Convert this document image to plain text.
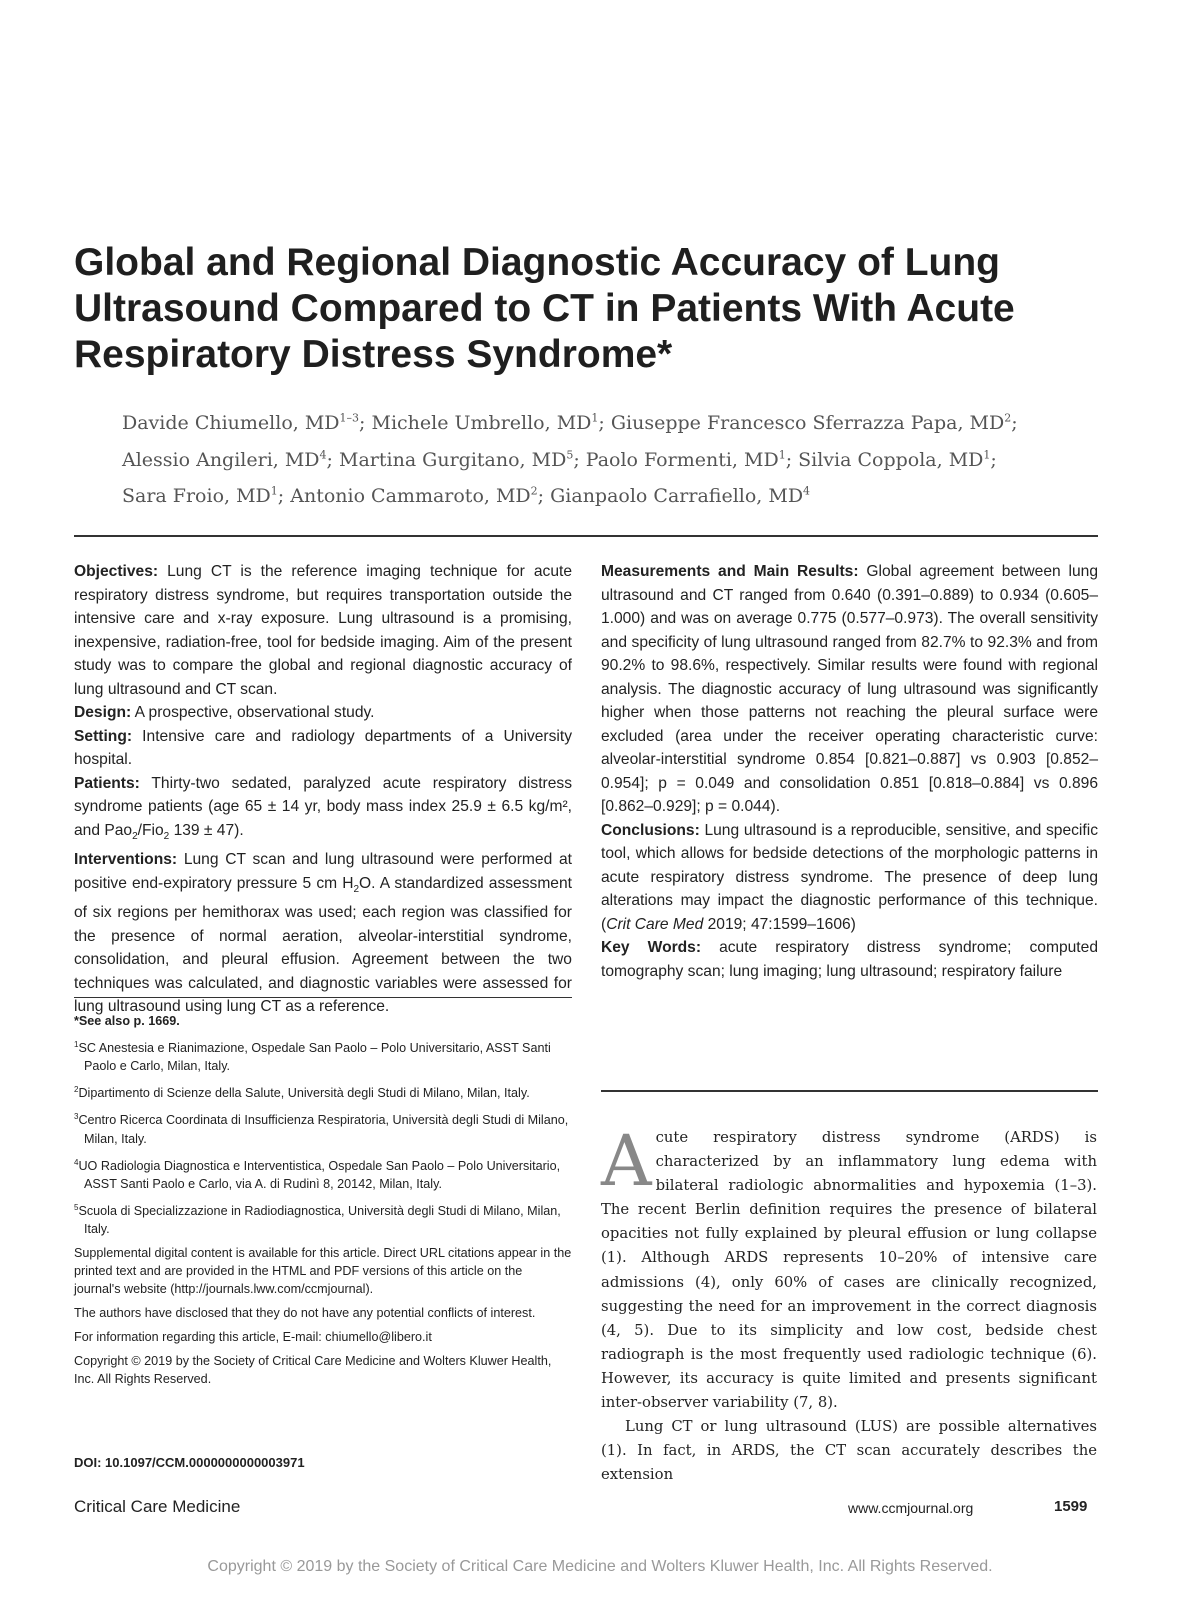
Global and Regional Diagnostic Accuracy of Lung Ultrasound Compared to CT in Patients With Acute Respiratory Distress Syndrome*
Davide Chiumello, MD$^{1-3}$; Michele Umbrello, $MD^1$; Giuseppe Francesco Sferrazza Papa, $MD^2$;
Alessio Angileri, $MD^4$; Martina Gurgitano, $MD^5$; Paolo Formenti, $MD^1$; Silvia Coppola, $MD^1$;
Sara Froio, $MD^1$; Antonio Cammaroto, $MD^2$; Gianpaolo Carrafiello, $MD^4$

Objectives: Lung CT is the reference imaging technique for acute respiratory distress syndrome, but requires transportation outside the intensive care and x-ray exposure. Lung ultrasound is a promising, inexpensive, radiation-free, tool for bedside imaging. Aim of the present study was to compare the global and regional diagnostic accuracy of lung ultrasound and CT scan.

Design: A prospective, observational study.

Setting: Intensive care and radiology departments of a University hospital.

Patients: Thirty-two sedated, paralyzed acute respiratory distress syndrome patients (age 65 ± 14 yr, body mass index 25.9 ± 6.5 kg/m², and Pao$_2$/Fio$_2$ 139 ± 47).

Interventions: Lung CT scan and lung ultrasound were performed at positive end-expiratory pressure 5 cm $H_2O$. A standardized assessment of six regions per hemithorax was used; each region was classified for the presence of normal aeration, alveolar-interstitial syndrome, consolidation, and pleural effusion. Agreement between the two techniques was calculated, and diagnostic variables were assessed for lung ultrasound using lung CT as a reference.

Measurements and Main Results: Global agreement between lung ultrasound and CT ranged from 0.640 (0.391–0.889) to 0.934 (0.605–1.000) and was on average 0.775 (0.577–0.973). The overall sensitivity and specificity of lung ultrasound ranged from 82.7% to 92.3% and from 90.2% to 98.6%, respectively. Similar results were found with regional analysis. The diagnostic accuracy of lung ultrasound was significantly higher when those patterns not reaching the pleural surface were excluded (area under the receiver operating characteristic curve: alveolar-interstitial syndrome 0.854 [0.821–0.887] vs 0.903 [0.852–0.954]; p = 0.049 and consolidation 0.851 [0.818–0.884] vs 0.896 [0.862–0.929]; p = 0.044).

Conclusions: Lung ultrasound is a reproducible, sensitive, and specific tool, which allows for bedside detections of the morphologic patterns in acute respiratory distress syndrome. The presence of deep lung alterations may impact the diagnostic performance of this technique. (Crit Care Med 2019; 47:1599–1606)

Key Words: acute respiratory distress syndrome; computed tomography scan; lung imaging; lung ultrasound; respiratory failure

*See also p. 1669.

$^1$SC Anestesia e Rianimazione, Ospedale San Paolo – Polo Universitario, ASST Santi Paolo e Carlo, Milan, Italy.

$^2$Dipartimento di Scienze della Salute, Università degli Studi di Milano, Milan, Italy.

$^3$Centro Ricerca Coordinata di Insufficienza Respiratoria, Università degli Studi di Milano, Milan, Italy.

$^4$UO Radiologia Diagnostica e Interventistica, Ospedale San Paolo – Polo Universitario, ASST Santi Paolo e Carlo, via A. di Rudinì 8, 20142, Milan, Italy.

$^5$Scuola di Specializzazione in Radiodiagnostica, Università degli Studi di Milano, Milan, Italy.

Supplemental digital content is available for this article. Direct URL citations appear in the printed text and are provided in the HTML and PDF versions of this article on the journal's website (http://journals.lww.com/ccmjournal).

The authors have disclosed that they do not have any potential conflicts of interest.

For information regarding this article, E-mail: chiumello@libero.it

Copyright © 2019 by the Society of Critical Care Medicine and Wolters Kluwer Health, Inc. All Rights Reserved.

DOI: 10.1097/CCM.0000000000003971

Acute respiratory distress syndrome (ARDS) is characterized by an inflammatory lung edema with bilateral radiologic abnormalities and hypoxemia (1–3). The recent Berlin definition requires the presence of bilateral opacities not fully explained by pleural effusion or lung collapse (1). Although ARDS represents 10–20% of intensive care admissions (4), only 60% of cases are clinically recognized, suggesting the need for an improvement in the correct diagnosis (4, 5). Due to its simplicity and low cost, bedside chest radiograph is the most frequently used radiologic technique (6). However, its accuracy is quite limited and presents significant inter-observer variability (7, 8).

Lung CT or lung ultrasound (LUS) are possible alternatives (1). In fact, in ARDS, the CT scan accurately describes the extension

Critical Care Medicine	www.ccmjournal.org	1599
Copyright © 2019 by the Society of Critical Care Medicine and Wolters Kluwer Health, Inc. All Rights Reserved.
